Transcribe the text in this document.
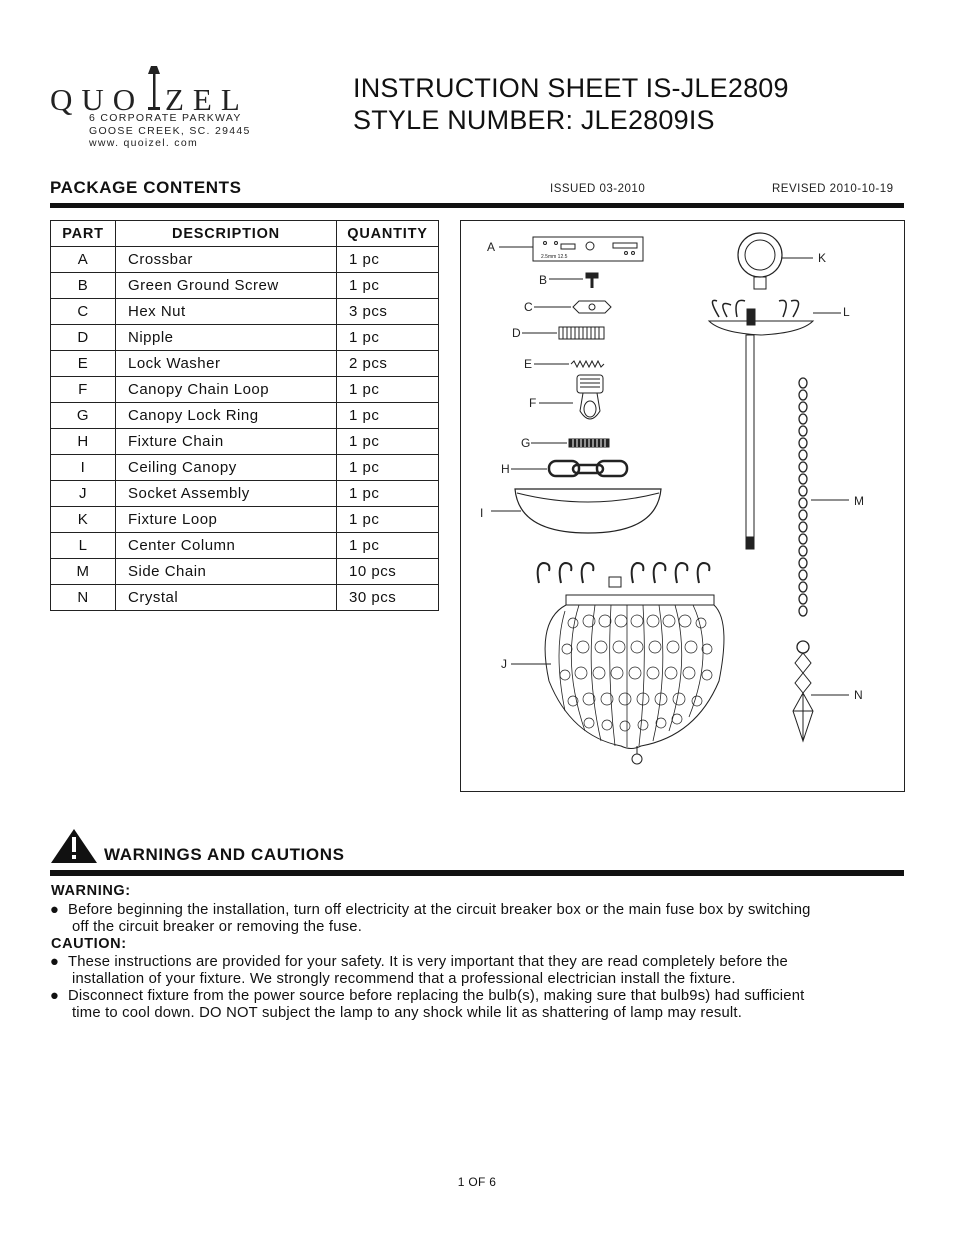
QUO ZEL
6 CORPORATE PARKWAY
GOOSE CREEK, SC. 29445
www. quoizel. com
INSTRUCTION SHEET IS-JLE2809
STYLE NUMBER: JLE2809IS
PACKAGE CONTENTS	ISSUED 03-2010	REVISED 2010-10-19
PART	DESCRIPTION	QUANTITY
A	Crossbar	1 pc
B	Green Ground Screw	1 pc
C	Hex Nut	3 pcs
D	Nipple	1 pc
E	Lock Washer	2 pcs
F	Canopy Chain Loop	1 pc
G	Canopy Lock Ring	1 pc
H	Fixture Chain	1 pc
I	Ceiling Canopy	1 pc
J	Socket Assembly	1 pc
K	Fixture Loop	1 pc
L	Center Column	1 pc
M	Side Chain	10 pcs
N	Crystal	30 pcs
A
2.5mm 12.5
B
C
D
E
F
G
H
I
J
K
L
M
N
WARNINGS AND CAUTIONS
WARNING:
● Before beginning the installation, turn off electricity at the circuit breaker box or the main fuse box by switching
off the circuit breaker or removing the fuse.
CAUTION:
● These instructions are provided for your safety. It is very important that they are read completely before the
installation of your fixture. We strongly recommend that a professional electrician install the fixture.
● Disconnect fixture from the power source before replacing the bulb(s), making sure that bulb9s) had sufficient
time to cool down. DO NOT subject the lamp to any shock while lit as shattering of lamp may result.
1 OF 6
